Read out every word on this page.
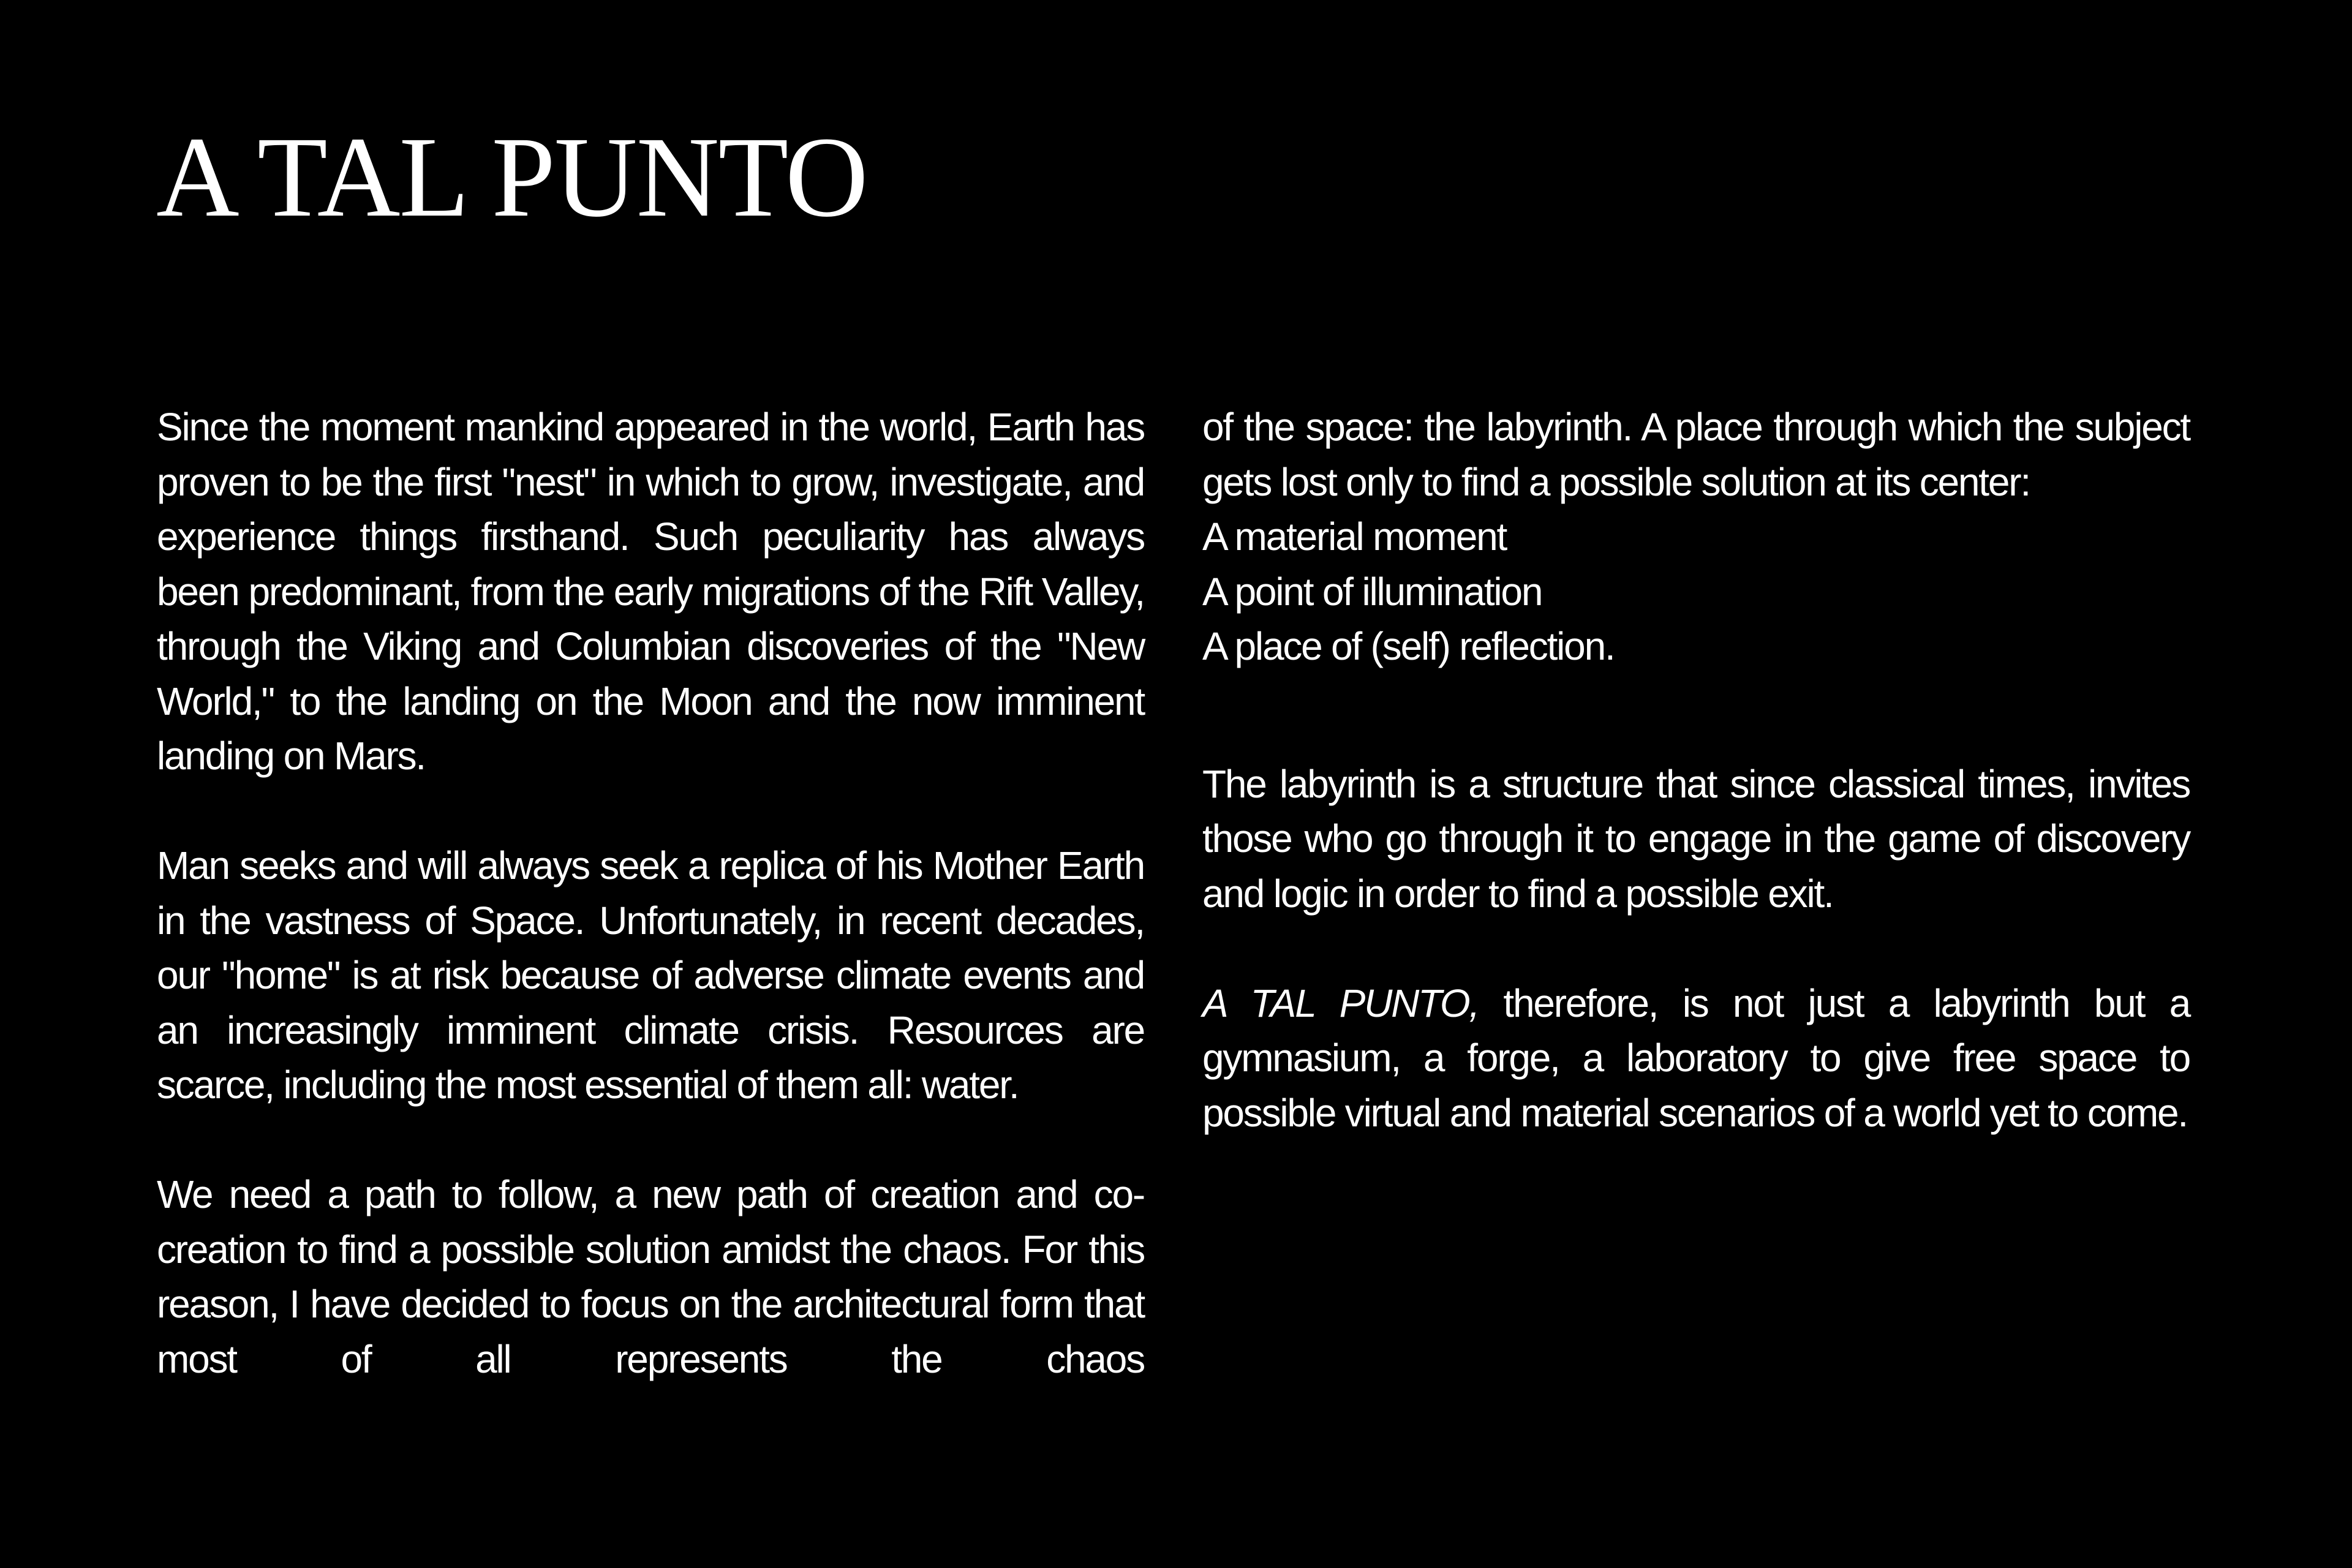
A TAL PUNTO

Since the moment mankind appeared in the world, Earth has proven to be the first "nest" in which to grow, investigate, and experience things firsthand. Such peculiarity has always been predominant, from the early migrations of the Rift Valley, through the Viking and Columbian discoveries of the "New World," to the landing on the Moon and the now imminent landing on Mars.

Man seeks and will always seek a replica of his Mother Earth in the vastness of Space. Unfortunately, in recent decades, our "home" is at risk because of adverse climate events and an increasingly imminent climate crisis. Resources are scarce, including the most essential of them all: water.

We need a path to follow, a new path of creation and co-creation to find a possible solution amidst the chaos. For this reason, I have decided to focus on the architectural form that most of all represents the chaos

of the space: the labyrinth. A place through which the subject gets lost only to find a possible solution at its center:

A material moment

A point of illumination

A place of (self) reflection.

The labyrinth is a structure that since classical times, invites those who go through it to engage in the game of discovery and logic in order to find a possible exit.

A TAL PUNTO, therefore, is not just a labyrinth but a gymnasium, a forge, a laboratory to give free space to possible virtual and material scenarios of a world yet to come.
